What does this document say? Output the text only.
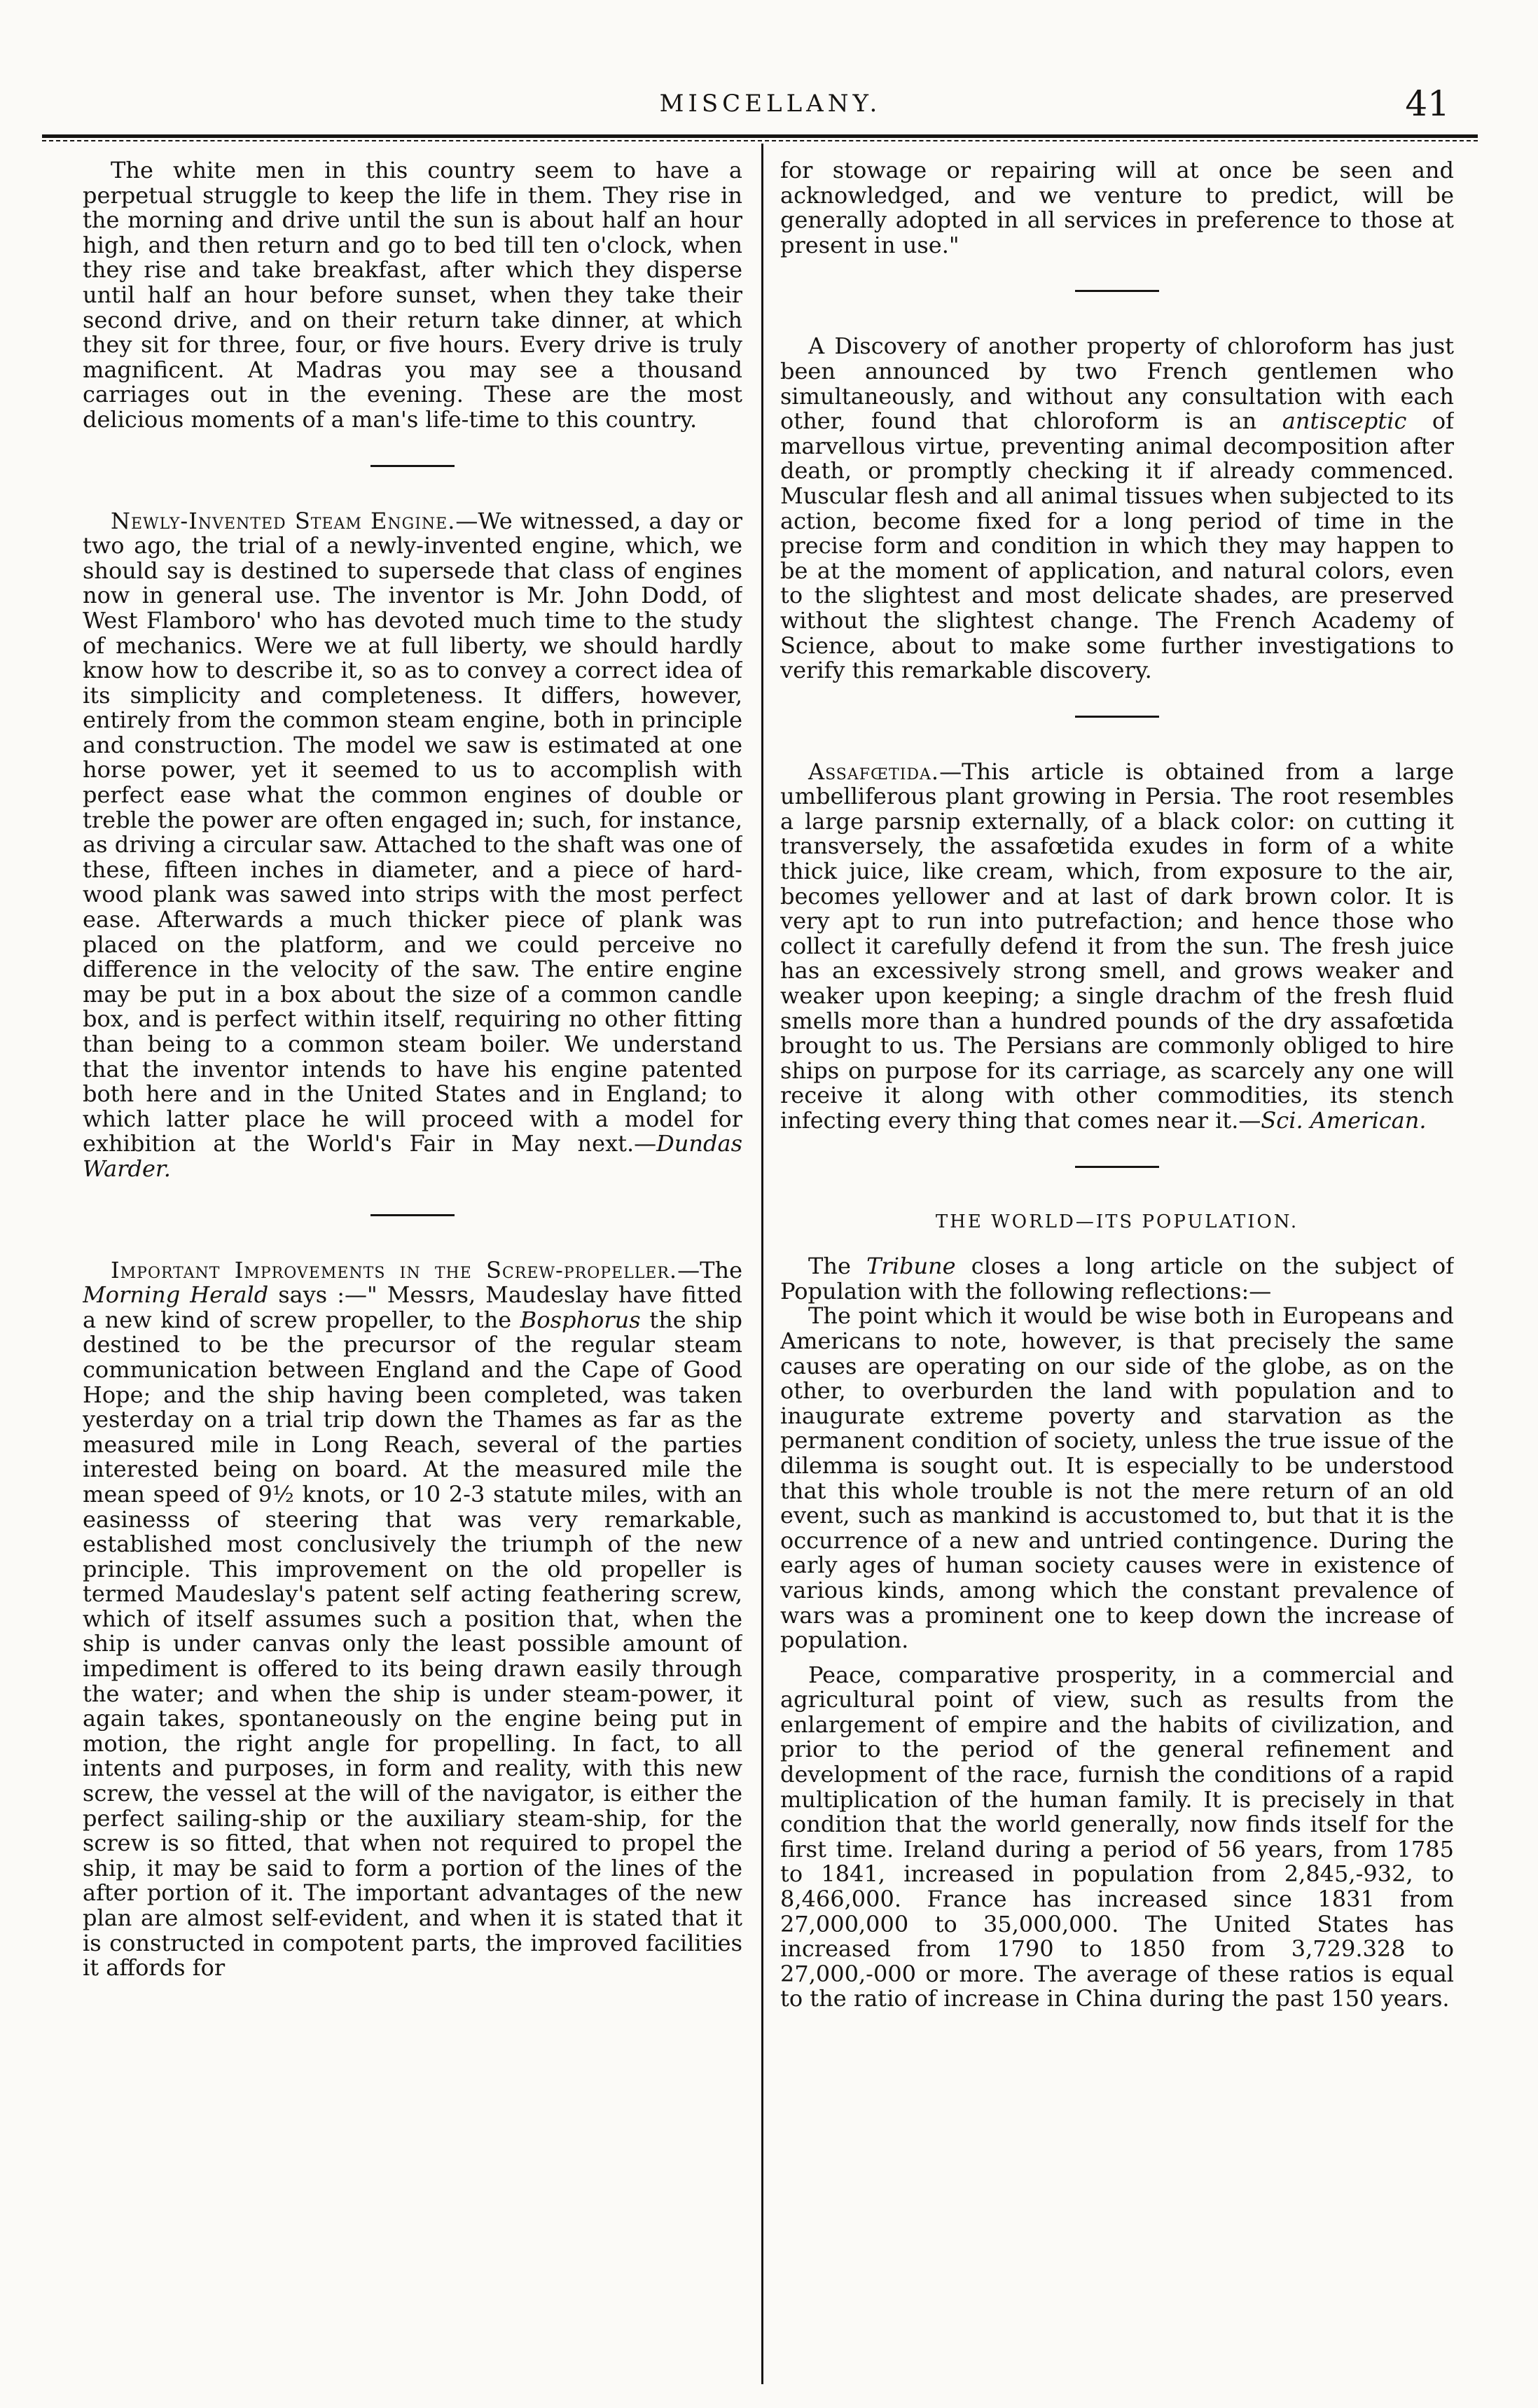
MISCELLANY.	41

The white men in this country seem to have a perpetual struggle to keep the life in them. They rise in the morning and drive until the sun is about half an hour high, and then return and go to bed till ten o'clock, when they rise and take breakfast, after which they disperse until half an hour before sunset, when they take their second drive, and on their return take dinner, at which they sit for three, four, or five hours. Every drive is truly magnificent. At Madras you may see a thousand carriages out in the evening. These are the most delicious moments of a man's life-time to this country.

Newly-Invented Steam Engine.—We witnessed, a day or two ago, the trial of a newly-invented engine, which, we should say is destined to supersede that class of engines now in general use. The inventor is Mr. John Dodd, of West Flamboro' who has devoted much time to the study of mechanics. Were we at full liberty, we should hardly know how to describe it, so as to convey a correct idea of its simplicity and completeness. It differs, however, entirely from the common steam engine, both in principle and construction. The model we saw is estimated at one horse power, yet it seemed to us to accomplish with perfect ease what the common engines of double or treble the power are often engaged in; such, for instance, as driving a circular saw. Attached to the shaft was one of these, fifteen inches in diameter, and a piece of hard-wood plank was sawed into strips with the most perfect ease. Afterwards a much thicker piece of plank was placed on the platform, and we could perceive no difference in the velocity of the saw. The entire engine may be put in a box about the size of a common candle box, and is perfect within itself, requiring no other fitting than being to a common steam boiler. We understand that the inventor intends to have his engine patented both here and in the United States and in England; to which latter place he will proceed with a model for exhibition at the World's Fair in May next.—Dundas Warder.

Important Improvements in the Screw-propeller.—The Morning Herald says :—" Messrs, Maudeslay have fitted a new kind of screw propeller, to the Bosphorus the ship destined to be the precursor of the regular steam communication between England and the Cape of Good Hope; and the ship having been completed, was taken yesterday on a trial trip down the Thames as far as the measured mile in Long Reach, several of the parties interested being on board. At the measured mile the mean speed of 9½ knots, or 10 2-3 statute miles, with an easinesss of steering that was very remarkable, established most conclusively the triumph of the new principle. This improvement on the old propeller is termed Maudeslay's patent self acting feathering screw, which of itself assumes such a position that, when the ship is under canvas only the least possible amount of impediment is offered to its being drawn easily through the water; and when the ship is under steam-power, it again takes, spontaneously on the engine being put in motion, the right angle for propelling. In fact, to all intents and purposes, in form and reality, with this new screw, the vessel at the will of the navigator, is either the perfect sailing-ship or the auxiliary steam-ship, for the screw is so fitted, that when not required to propel the ship, it may be said to form a portion of the lines of the after portion of it. The important advantages of the new plan are almost self-evident, and when it is stated that it is constructed in compotent parts, the improved facilities it affords for

for stowage or repairing will at once be seen and acknowledged, and we venture to predict, will be generally adopted in all services in preference to those at present in use."

A Discovery of another property of chloroform has just been announced by two French gentlemen who simultaneously, and without any consultation with each other, found that chloroform is an antisceptic of marvellous virtue, preventing animal decomposition after death, or promptly checking it if already commenced. Muscular flesh and all animal tissues when subjected to its action, become fixed for a long period of time in the precise form and condition in which they may happen to be at the moment of application, and natural colors, even to the slightest and most delicate shades, are preserved without the slightest change. The French Academy of Science, about to make some further investigations to verify this remarkable discovery.

Assafœtida.—This article is obtained from a large umbelliferous plant growing in Persia. The root resembles a large parsnip externally, of a black color: on cutting it transversely, the assafœtida exudes in form of a white thick juice, like cream, which, from exposure to the air, becomes yellower and at last of dark brown color. It is very apt to run into putrefaction; and hence those who collect it carefully defend it from the sun. The fresh juice has an excessively strong smell, and grows weaker and weaker upon keeping; a single drachm of the fresh fluid smells more than a hundred pounds of the dry assafœtida brought to us. The Persians are commonly obliged to hire ships on purpose for its carriage, as scarcely any one will receive it along with other commodities, its stench infecting every thing that comes near it.—Sci. American.

THE WORLD—ITS POPULATION.

The Tribune closes a long article on the subject of Population with the following reflections:—

The point which it would be wise both in Europeans and Americans to note, however, is that precisely the same causes are operating on our side of the globe, as on the other, to overburden the land with population and to inaugurate extreme poverty and starvation as the permanent condition of society, unless the true issue of the dilemma is sought out. It is especially to be understood that this whole trouble is not the mere return of an old event, such as mankind is accustomed to, but that it is the occurrence of a new and untried contingence. During the early ages of human society causes were in existence of various kinds, among which the constant prevalence of wars was a prominent one to keep down the increase of population.

Peace, comparative prosperity, in a commercial and agricultural point of view, such as results from the enlargement of empire and the habits of civilization, and prior to the period of the general refinement and development of the race, furnish the conditions of a rapid multiplication of the human family. It is precisely in that condition that the world generally, now finds itself for the first time. Ireland during a period of 56 years, from 1785 to 1841, increased in population from 2,845,-932, to 8,466,000. France has increased since 1831 from 27,000,000 to 35,000,000. The United States has increased from 1790 to 1850 from 3,729.328 to 27,000,-000 or more. The average of these ratios is equal to the ratio of increase in China during the past 150 years.
